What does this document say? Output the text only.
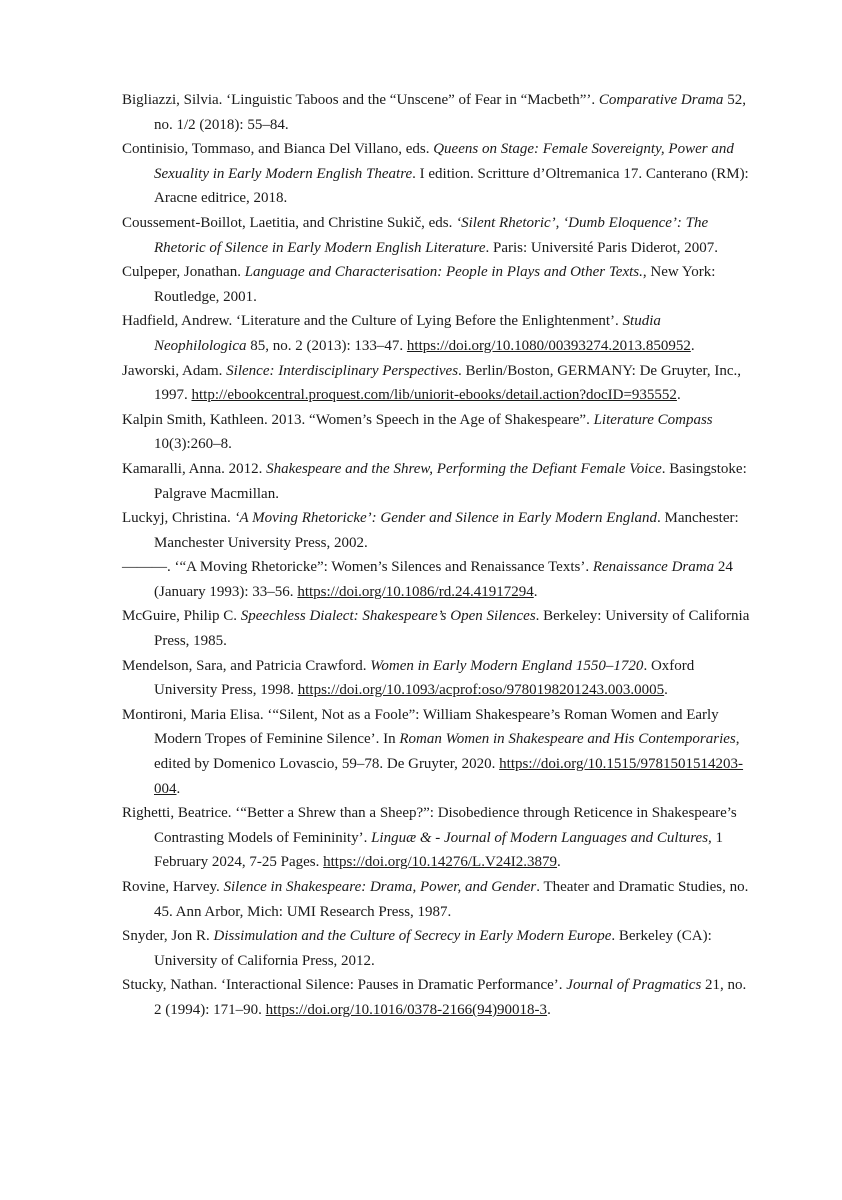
Bigliazzi, Silvia. ‘Linguistic Taboos and the “Unscene” of Fear in “Macbeth”’. Comparative Drama 52, no. 1/2 (2018): 55–84.

Continisio, Tommaso, and Bianca Del Villano, eds. Queens on Stage: Female Sovereignty, Power and Sexuality in Early Modern English Theatre. I edition. Scritture d’Oltremanica 17. Canterano (RM): Aracne editrice, 2018.

Coussement-Boillot, Laetitia, and Christine Sukič, eds. ‘Silent Rhetoric’, ‘Dumb Eloquence’: The Rhetoric of Silence in Early Modern English Literature. Paris: Université Paris Diderot, 2007.

Culpeper, Jonathan. Language and Characterisation: People in Plays and Other Texts., New York: Routledge, 2001.

Hadfield, Andrew. ‘Literature and the Culture of Lying Before the Enlightenment’. Studia Neophilologica 85, no. 2 (2013): 133–47. https://doi.org/10.1080/00393274.2013.850952.

Jaworski, Adam. Silence: Interdisciplinary Perspectives. Berlin/Boston, GERMANY: De Gruyter, Inc., 1997. http://ebookcentral.proquest.com/lib/uniorit-ebooks/detail.action?docID=935552.

Kalpin Smith, Kathleen. 2013. “Women’s Speech in the Age of Shakespeare”. Literature Compass 10(3):260–8.

Kamaralli, Anna. 2012. Shakespeare and the Shrew, Performing the Defiant Female Voice. Basingstoke: Palgrave Macmillan.

Luckyj, Christina. ‘A Moving Rhetoricke’: Gender and Silence in Early Modern England. Manchester: Manchester University Press, 2002.

———. ‘“A Moving Rhetoricke”: Women’s Silences and Renaissance Texts’. Renaissance Drama 24 (January 1993): 33–56. https://doi.org/10.1086/rd.24.41917294.

McGuire, Philip C. Speechless Dialect: Shakespeare’s Open Silences. Berkeley: University of California Press, 1985.

Mendelson, Sara, and Patricia Crawford. Women in Early Modern England 1550–1720. Oxford University Press, 1998. https://doi.org/10.1093/acprof:oso/9780198201243.003.0005.

Montironi, Maria Elisa. ‘“Silent, Not as a Foole”: William Shakespeare’s Roman Women and Early Modern Tropes of Feminine Silence’. In Roman Women in Shakespeare and His Contemporaries, edited by Domenico Lovascio, 59–78. De Gruyter, 2020. https://doi.org/10.1515/9781501514203-004.

Righetti, Beatrice. ‘“Better a Shrew than a Sheep?”: Disobedience through Reticence in Shakespeare’s Contrasting Models of Femininity’. Linguæ & - Journal of Modern Languages and Cultures, 1 February 2024, 7-25 Pages. https://doi.org/10.14276/L.V24I2.3879.

Rovine, Harvey. Silence in Shakespeare: Drama, Power, and Gender. Theater and Dramatic Studies, no. 45. Ann Arbor, Mich: UMI Research Press, 1987.

Snyder, Jon R. Dissimulation and the Culture of Secrecy in Early Modern Europe. Berkeley (CA): University of California Press, 2012.

Stucky, Nathan. ‘Interactional Silence: Pauses in Dramatic Performance’. Journal of Pragmatics 21, no. 2 (1994): 171–90. https://doi.org/10.1016/0378-2166(94)90018-3.
